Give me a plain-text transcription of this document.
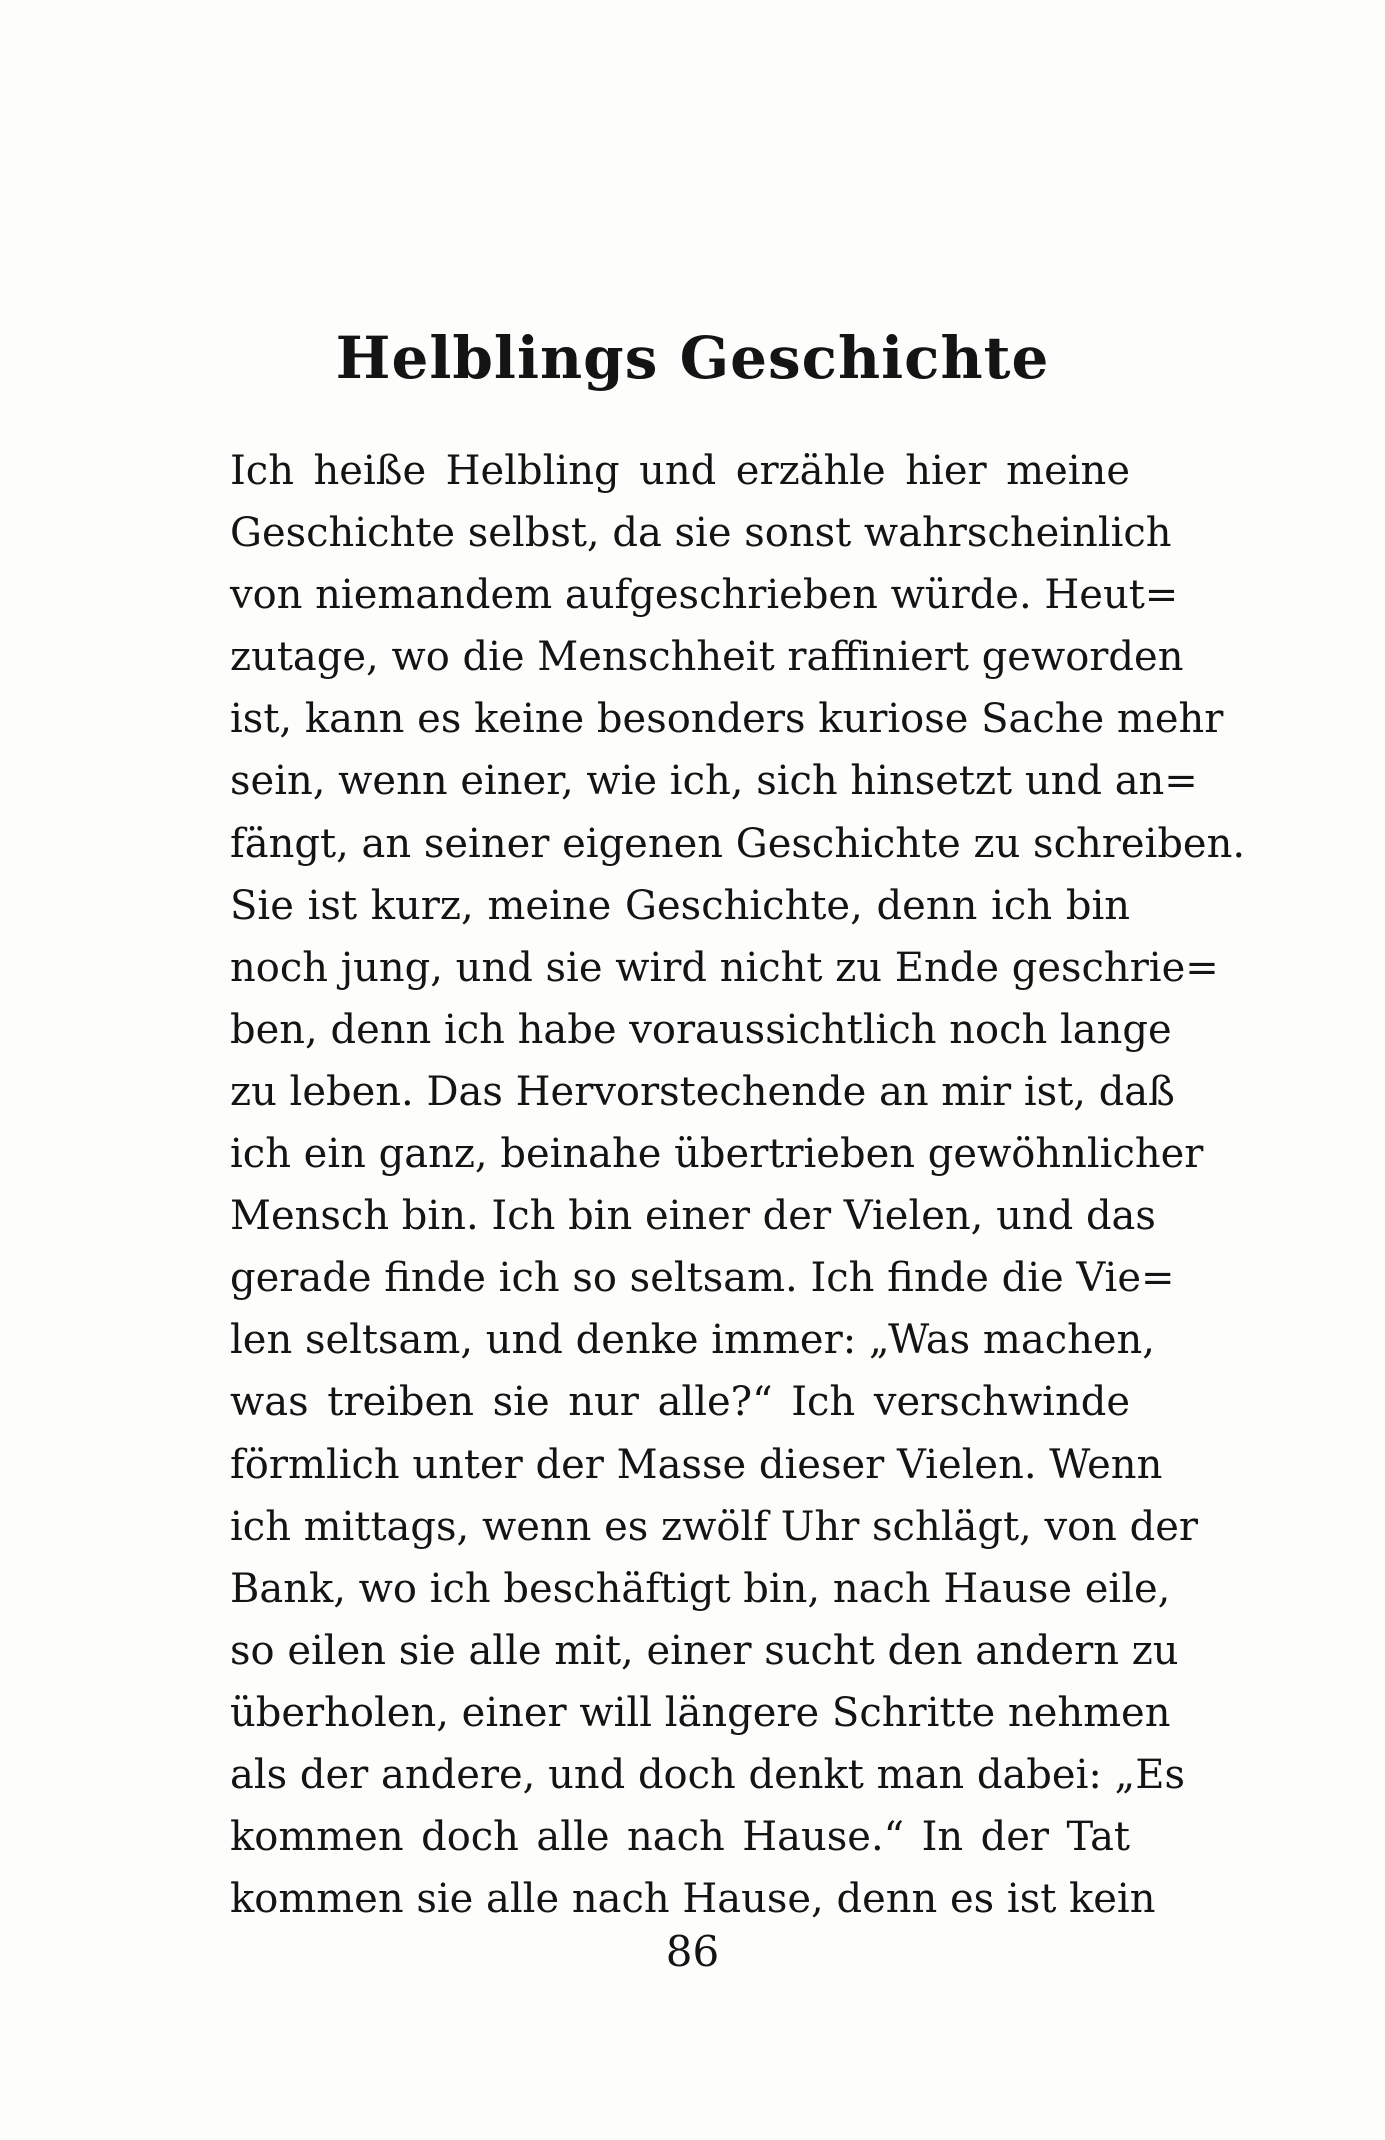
Helblings Geschichte
Ich heiße Helbling und erzähle hier meine
Geschichte selbst, da sie sonst wahrscheinlich
von niemandem aufgeschrieben würde. Heut=
zutage, wo die Menschheit raffiniert geworden
ist, kann es keine besonders kuriose Sache mehr
sein, wenn einer, wie ich, sich hinsetzt und an=
fängt, an seiner eigenen Geschichte zu schreiben.
Sie ist kurz, meine Geschichte, denn ich bin
noch jung, und sie wird nicht zu Ende geschrie=
ben, denn ich habe voraussichtlich noch lange
zu leben. Das Hervorstechende an mir ist, daß
ich ein ganz, beinahe übertrieben gewöhnlicher
Mensch bin. Ich bin einer der Vielen, und das
gerade finde ich so seltsam. Ich finde die Vie=
len seltsam, und denke immer: „Was machen,
was treiben sie nur alle?“ Ich verschwinde
förmlich unter der Masse dieser Vielen. Wenn
ich mittags, wenn es zwölf Uhr schlägt, von der
Bank, wo ich beschäftigt bin, nach Hause eile,
so eilen sie alle mit, einer sucht den andern zu
überholen, einer will längere Schritte nehmen
als der andere, und doch denkt man dabei: „Es
kommen doch alle nach Hause.“ In der Tat
kommen sie alle nach Hause, denn es ist kein
86
